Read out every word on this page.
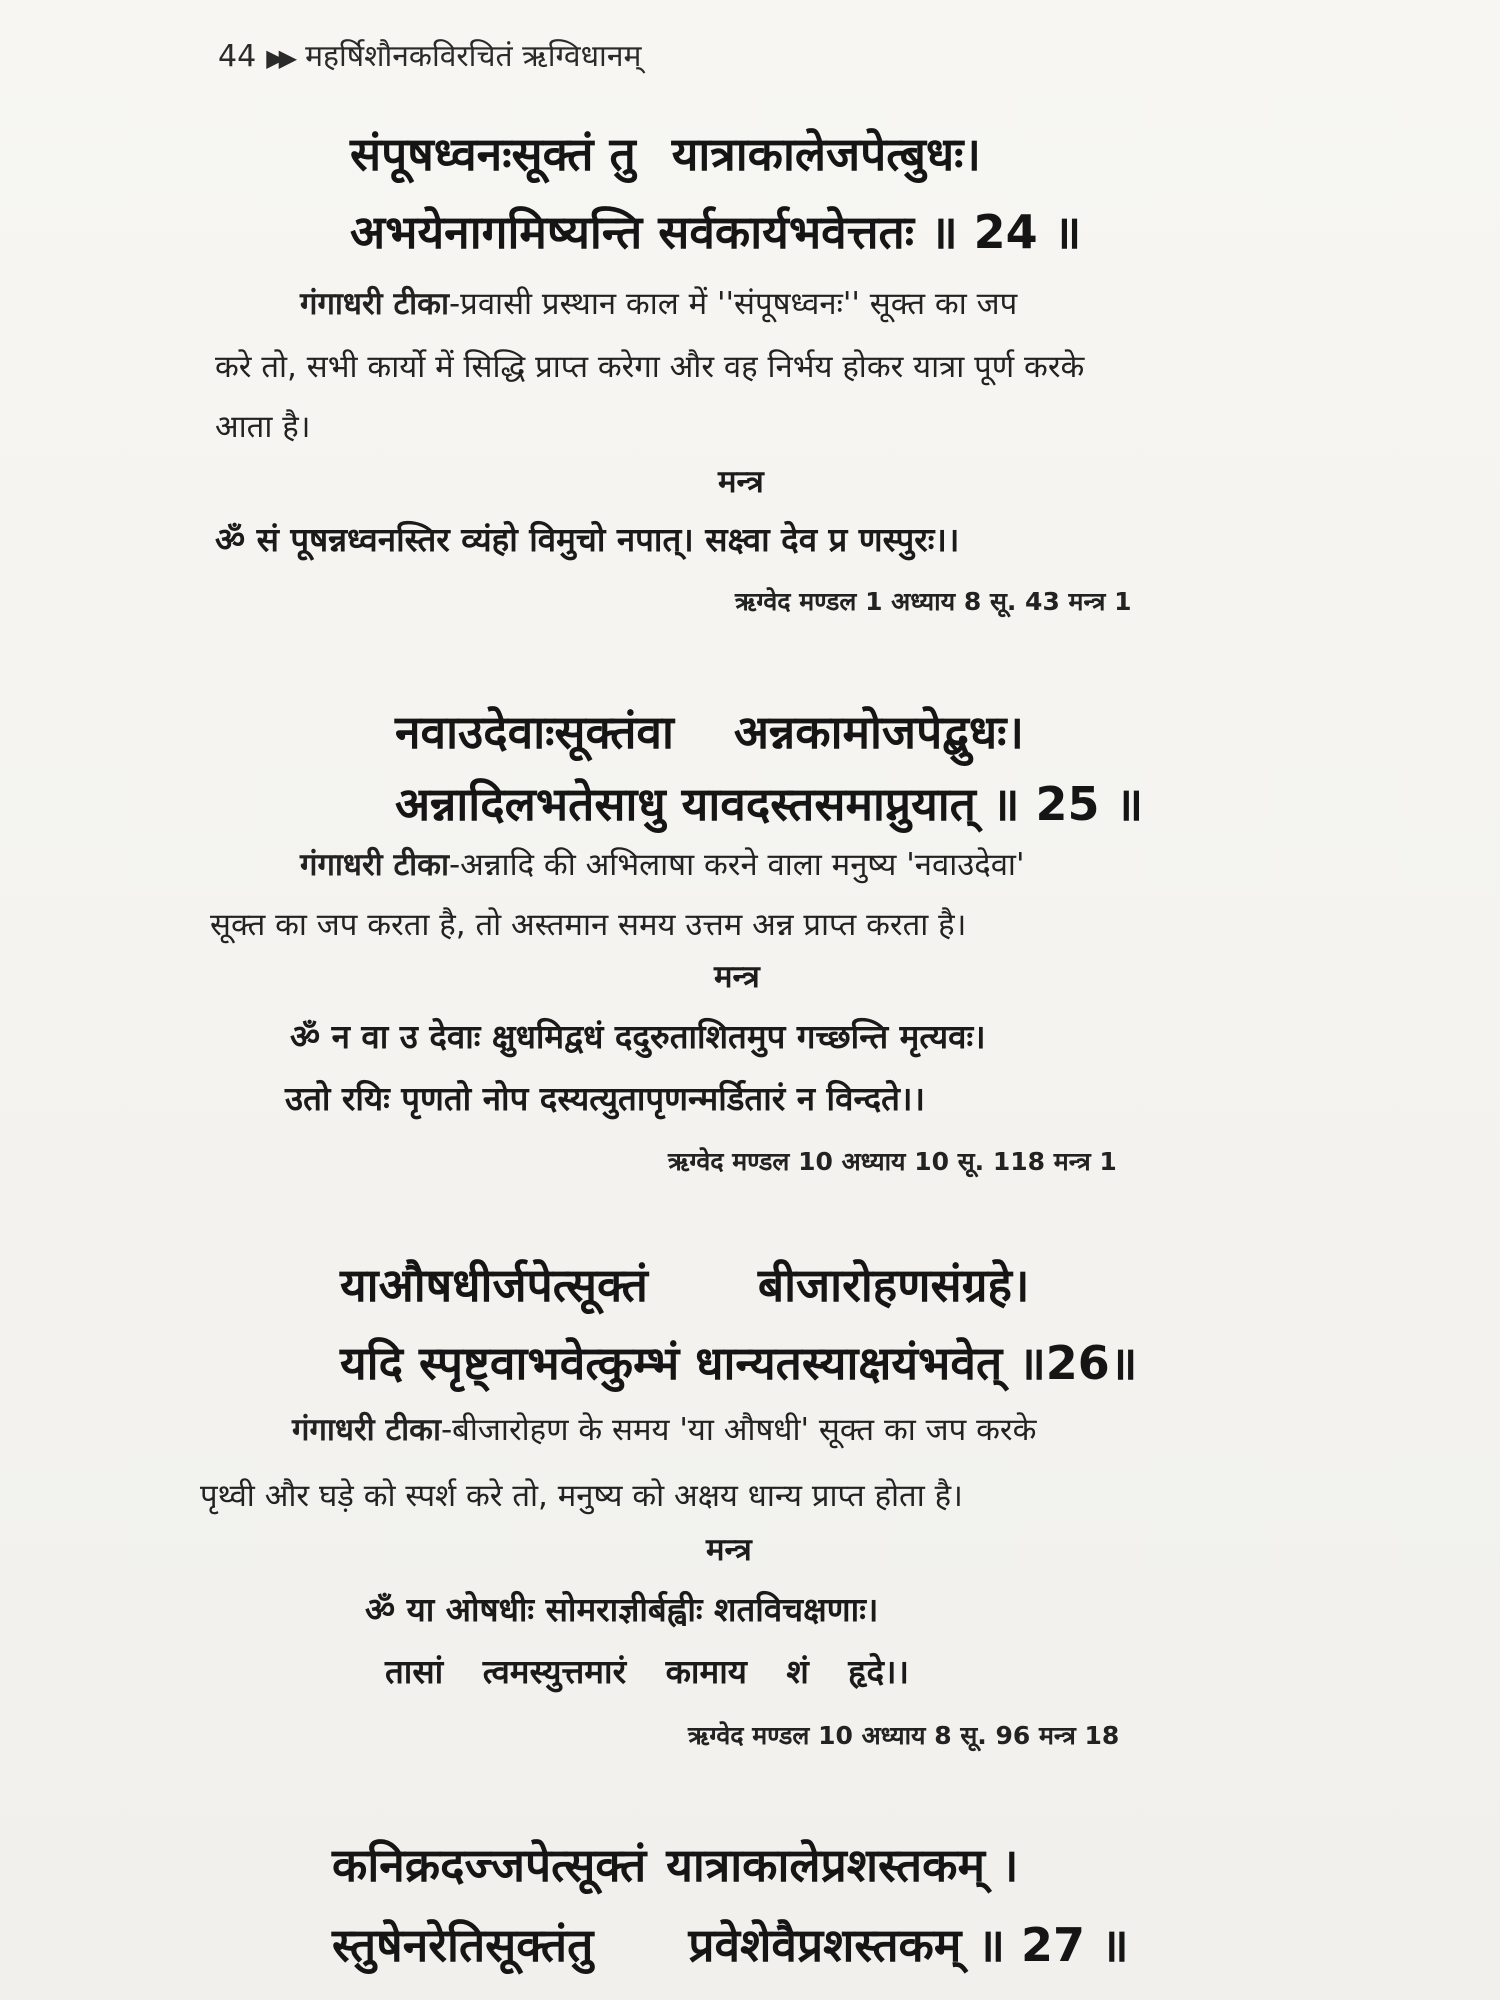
44 ▶▶ महर्षिशौनकविरचितं ऋग्विधानम्
संपूषध्वनःसूक्तं तु यात्राकालेजपेत्बुधः।
अभयेनागमिष्यन्ति सर्वकार्यभवेत्ततः ॥ 24 ॥
गंगाधरी टीका-प्रवासी प्रस्थान काल में ''संपूषध्वनः'' सूक्त का जप
करे तो, सभी कार्यो में सिद्धि प्राप्त करेगा और वह निर्भय होकर यात्रा पूर्ण करके
आता है।
मन्त्र
ॐ सं पूषन्नध्वनस्तिर व्यंहो विमुचो नपात्। सक्ष्वा देव प्र णस्पुरः।।
ऋग्वेद मण्डल 1 अध्याय 8 सू. 43 मन्त्र 1
नवाउदेवाःसूक्तंवा अन्नकामोजपेद्बुधः।
अन्नादिलभतेसाधु यावदस्तसमाप्नुयात् ॥ 25 ॥
गंगाधरी टीका-अन्नादि की अभिलाषा करने वाला मनुष्य 'नवाउदेवा'
सूक्त का जप करता है, तो अस्तमान समय उत्तम अन्न प्राप्त करता है।
मन्त्र
ॐ न वा उ देवाः क्षुधमिद्वधं ददुरुताशितमुप गच्छन्ति मृत्यवः।
उतो रयिः पृणतो नोप दस्यत्युतापृणन्मर्डितारं न विन्दते।।
ऋग्वेद मण्डल 10 अध्याय 10 सू. 118 मन्त्र 1
याऔषधीर्जपेत्सूक्तं बीजारोहणसंग्रहे।
यदि स्पृष्ट्वाभवेत्कुम्भं धान्यतस्याक्षयंभवेत् ॥26॥
गंगाधरी टीका-बीजारोहण के समय 'या औषधी' सूक्त का जप करके
पृथ्वी और घड़े को स्पर्श करे तो, मनुष्य को अक्षय धान्य प्राप्त होता है।
मन्त्र
ॐ या ओषधीः सोमराज्ञीर्बह्वीः शतविचक्षणाः।
तासां त्वमस्युत्तमारं कामाय शं हृदे।।
ऋग्वेद मण्डल 10 अध्याय 8 सू. 96 मन्त्र 18
कनिक्रदज्जपेत्सूक्तं यात्राकालेप्रशस्तकम् ।
स्तुषेनरेतिसूक्तंतु प्रवेशेवैप्रशस्तकम् ॥ 27 ॥
